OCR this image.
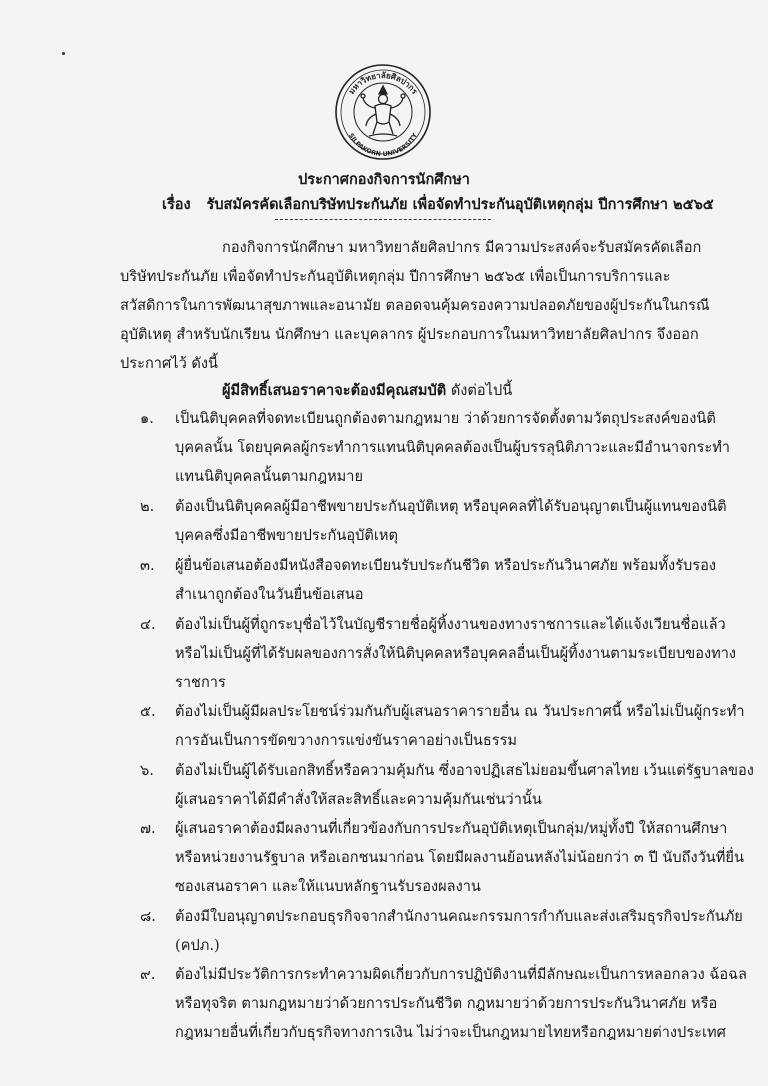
มหาวิทยาลัยศิลปากร
SILPAKORN UNIVERSITY
ประกาศกองกิจการนักศึกษา
เรื่อง รับสมัครคัดเลือกบริษัทประกันภัย เพื่อจัดทำประกันอุบัติเหตุกลุ่ม ปีการศึกษา ๒๕๖๕
กองกิจการนักศึกษา มหาวิทยาลัยศิลปากร มีความประสงค์จะรับสมัครคัดเลือก
บริษัทประกันภัย เพื่อจัดทำประกันอุบัติเหตุกลุ่ม ปีการศึกษา ๒๕๖๕ เพื่อเป็นการบริการและ
สวัสดิการในการพัฒนาสุขภาพและอนามัย ตลอดจนคุ้มครองความปลอดภัยของผู้ประกันในกรณี
อุบัติเหตุ สำหรับนักเรียน นักศึกษา และบุคลากร ผู้ประกอบการในมหาวิทยาลัยศิลปากร จึงออก
ประกาศไว้ ดังนี้
ผู้มีสิทธิ์เสนอราคาจะต้องมีคุณสมบัติ ดังต่อไปนี้
๑. เป็นนิติบุคคลที่จดทะเบียนถูกต้องตามกฎหมาย ว่าด้วยการจัดตั้งตามวัตถุประสงค์ของนิติ
บุคคลนั้น โดยบุคคลผู้กระทำการแทนนิติบุคคลต้องเป็นผู้บรรลุนิติภาวะและมีอำนาจกระทำ
แทนนิติบุคคลนั้นตามกฎหมาย
๒. ต้องเป็นนิติบุคคลผู้มีอาชีพขายประกันอุบัติเหตุ หรือบุคคลที่ได้รับอนุญาตเป็นผู้แทนของนิติ
บุคคลซึ่งมีอาชีพขายประกันอุบัติเหตุ
๓. ผู้ยื่นข้อเสนอต้องมีหนังสือจดทะเบียนรับประกันชีวิต หรือประกันวินาศภัย พร้อมทั้งรับรอง
สำเนาถูกต้องในวันยื่นข้อเสนอ
๔. ต้องไม่เป็นผู้ที่ถูกระบุชื่อไว้ในบัญชีรายชื่อผู้ทิ้งงานของทางราชการและได้แจ้งเวียนชื่อแล้ว
หรือไม่เป็นผู้ที่ได้รับผลของการสั่งให้นิติบุคคลหรือบุคคลอื่นเป็นผู้ทิ้งงานตามระเบียบของทาง
ราชการ
๕. ต้องไม่เป็นผู้มีผลประโยชน์ร่วมกันกับผู้เสนอราคารายอื่น ณ วันประกาศนี้ หรือไม่เป็นผู้กระทำ
การอันเป็นการขัดขวางการแข่งขันราคาอย่างเป็นธรรม
๖. ต้องไม่เป็นผู้ได้รับเอกสิทธิ์หรือความคุ้มกัน ซึ่งอาจปฏิเสธไม่ยอมขึ้นศาลไทย เว้นแต่รัฐบาลของ
ผู้เสนอราคาได้มีคำสั่งให้สละสิทธิ์และความคุ้มกันเช่นว่านั้น
๗. ผู้เสนอราคาต้องมีผลงานที่เกี่ยวข้องกับการประกันอุบัติเหตุเป็นกลุ่ม/หมู่ทั้งปี ให้สถานศึกษา
หรือหน่วยงานรัฐบาล หรือเอกชนมาก่อน โดยมีผลงานย้อนหลังไม่น้อยกว่า ๓ ปี นับถึงวันที่ยื่น
ซองเสนอราคา และให้แนบหลักฐานรับรองผลงาน
๘. ต้องมีใบอนุญาตประกอบธุรกิจจากสำนักงานคณะกรรมการกำกับและส่งเสริมธุรกิจประกันภัย
(คปภ.)
๙. ต้องไม่มีประวัติการกระทำความผิดเกี่ยวกับการปฏิบัติงานที่มีลักษณะเป็นการหลอกลวง ฉ้อฉล
หรือทุจริต ตามกฎหมายว่าด้วยการประกันชีวิต กฎหมายว่าด้วยการประกันวินาศภัย หรือ
กฎหมายอื่นที่เกี่ยวกับธุรกิจทางการเงิน ไม่ว่าจะเป็นกฎหมายไทยหรือกฎหมายต่างประเทศ
